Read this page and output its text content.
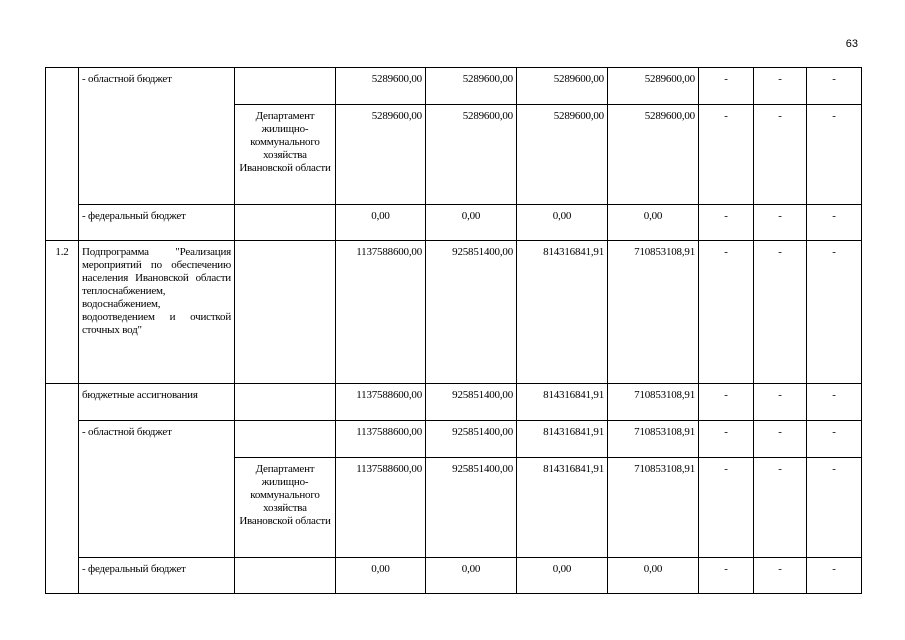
63
	- областной бюджет		5289600,00	5289600,00	5289600,00	5289600,00	-	-	-
		Департамент жилищно-коммунального хозяйства Ивановской области	5289600,00	5289600,00	5289600,00	5289600,00	-	-	-
	- федеральный бюджет		0,00	0,00	0,00	0,00	-	-	-
1.2	Подпрограмма "Реализация мероприятий по обеспечению населения Ивановской области теплоснабжением, водоснабжением, водоотведением и очисткой сточных вод"		1137588600,00	925851400,00	814316841,91	710853108,91	-	-	-
	бюджетные ассигнования		1137588600,00	925851400,00	814316841,91	710853108,91	-	-	-
	- областной бюджет		1137588600,00	925851400,00	814316841,91	710853108,91	-	-	-
		Департамент жилищно-коммунального хозяйства Ивановской области	1137588600,00	925851400,00	814316841,91	710853108,91	-	-	-
	- федеральный бюджет		0,00	0,00	0,00	0,00	-	-	-
